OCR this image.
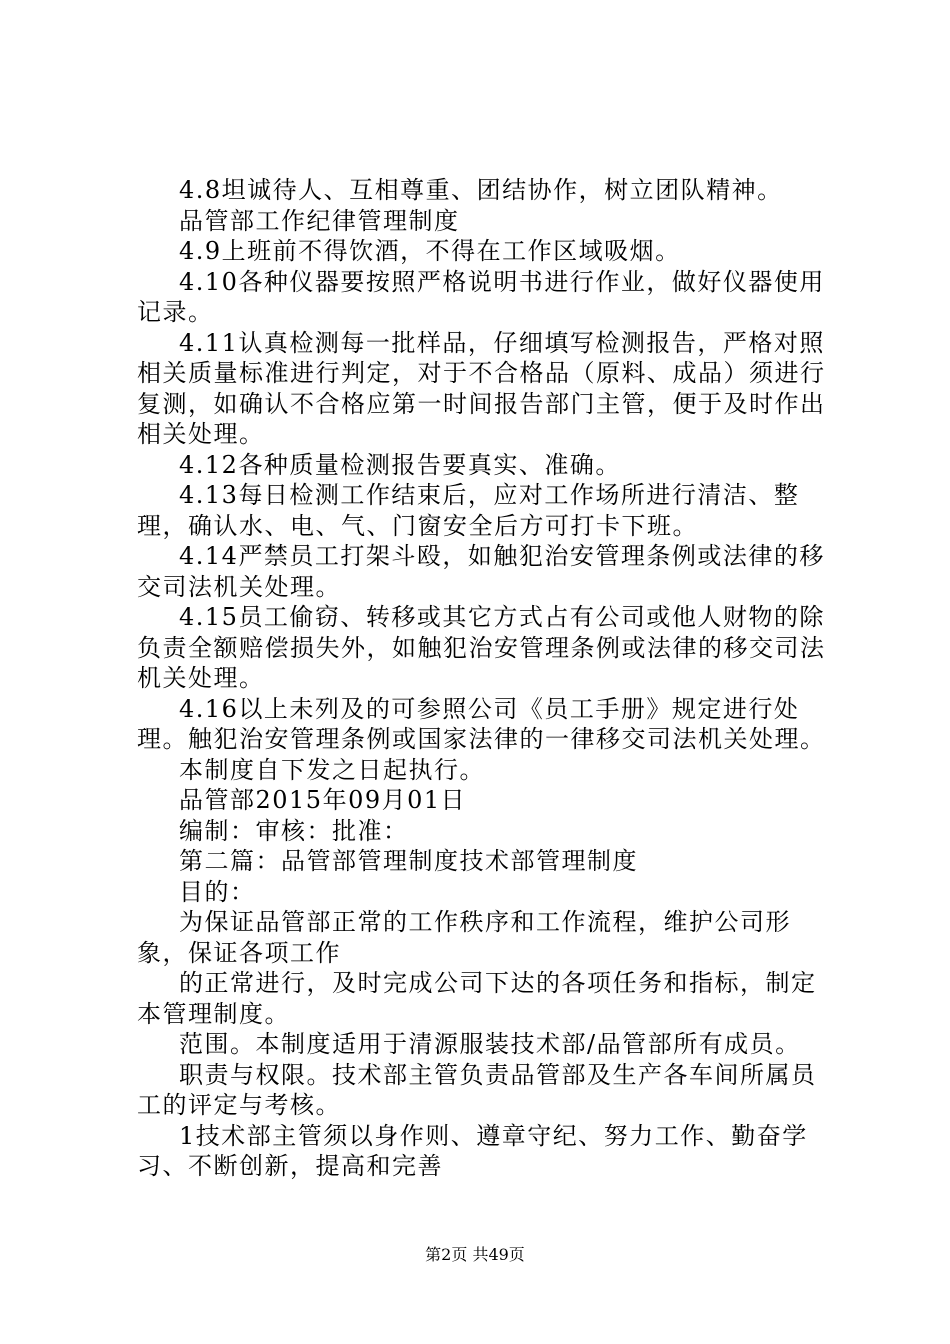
4.8坦诚待人、互相尊重、团结协作，树立团队精神。

品管部工作纪律管理制度

4.9上班前不得饮酒，不得在工作区域吸烟。

4.10各种仪器要按照严格说明书进行作业，做好仪器使用记录。

4.11认真检测每一批样品，仔细填写检测报告，严格对照相关质量标准进行判定，对于不合格品（原料、成品）须进行复测，如确认不合格应第一时间报告部门主管，便于及时作出相关处理。

4.12各种质量检测报告要真实、准确。

4.13每日检测工作结束后，应对工作场所进行清洁、整理，确认水、电、气、门窗安全后方可打卡下班。

4.14严禁员工打架斗殴，如触犯治安管理条例或法律的移交司法机关处理。

4.15员工偷窃、转移或其它方式占有公司或他人财物的除负责全额赔偿损失外，如触犯治安管理条例或法律的移交司法机关处理。

4.16以上未列及的可参照公司《员工手册》规定进行处理。触犯治安管理条例或国家法律的一律移交司法机关处理。

本制度自下发之日起执行。

品管部2015年09月01日

编制：审核：批准：

第二篇：品管部管理制度技术部管理制度

目的：

为保证品管部正常的工作秩序和工作流程，维护公司形象，保证各项工作

的正常进行，及时完成公司下达的各项任务和指标，制定本管理制度。

范围。本制度适用于清源服装技术部/品管部所有成员。

职责与权限。技术部主管负责品管部及生产各车间所属员工的评定与考核。

1技术部主管须以身作则、遵章守纪、努力工作、勤奋学习、不断创新，提高和完善

第2页 共49页
